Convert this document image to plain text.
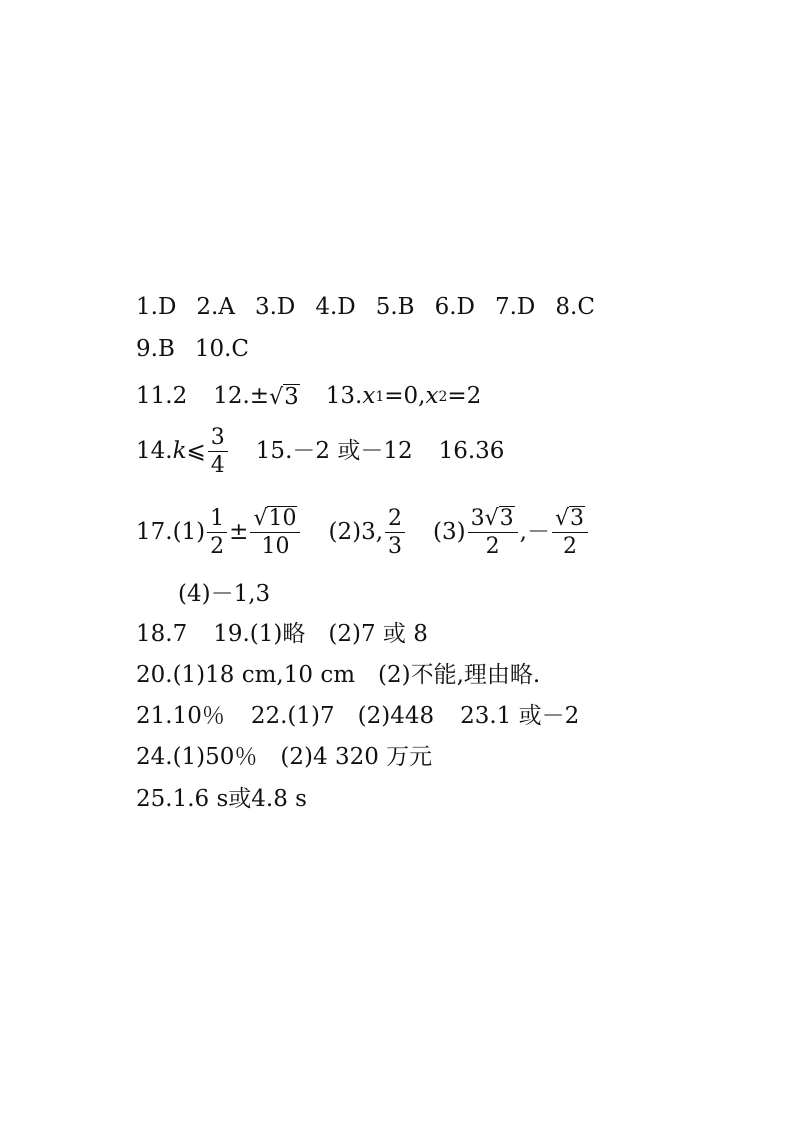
1.D 2.A 3.D 4.D 5.B 6.D 7.D 8.C
9.B 10.C
11.2 12. ± √ 3 13. x 1 =0, x 2 =2
14. k ⩽ $\frac{3}{4} 15.-2$ 或－12 16.36
$17.(1) \frac{1}{2} \pm \frac{√ 10}{10} (2)3$, $\frac{2}{3} (3) \frac{3 √ 3}{2}$ ,－ $\frac{√ 3}{2}$
(4)－1,3
18.7 19.(1)略　(2)7 或 8
20.(1)18 cm,10 cm　(2)不能,理由略.
21.10％ 22.(1)7　(2)448 23.1 或－2
24.(1)50％　(2)4 320 万元
25.1.6 s或4.8 s
